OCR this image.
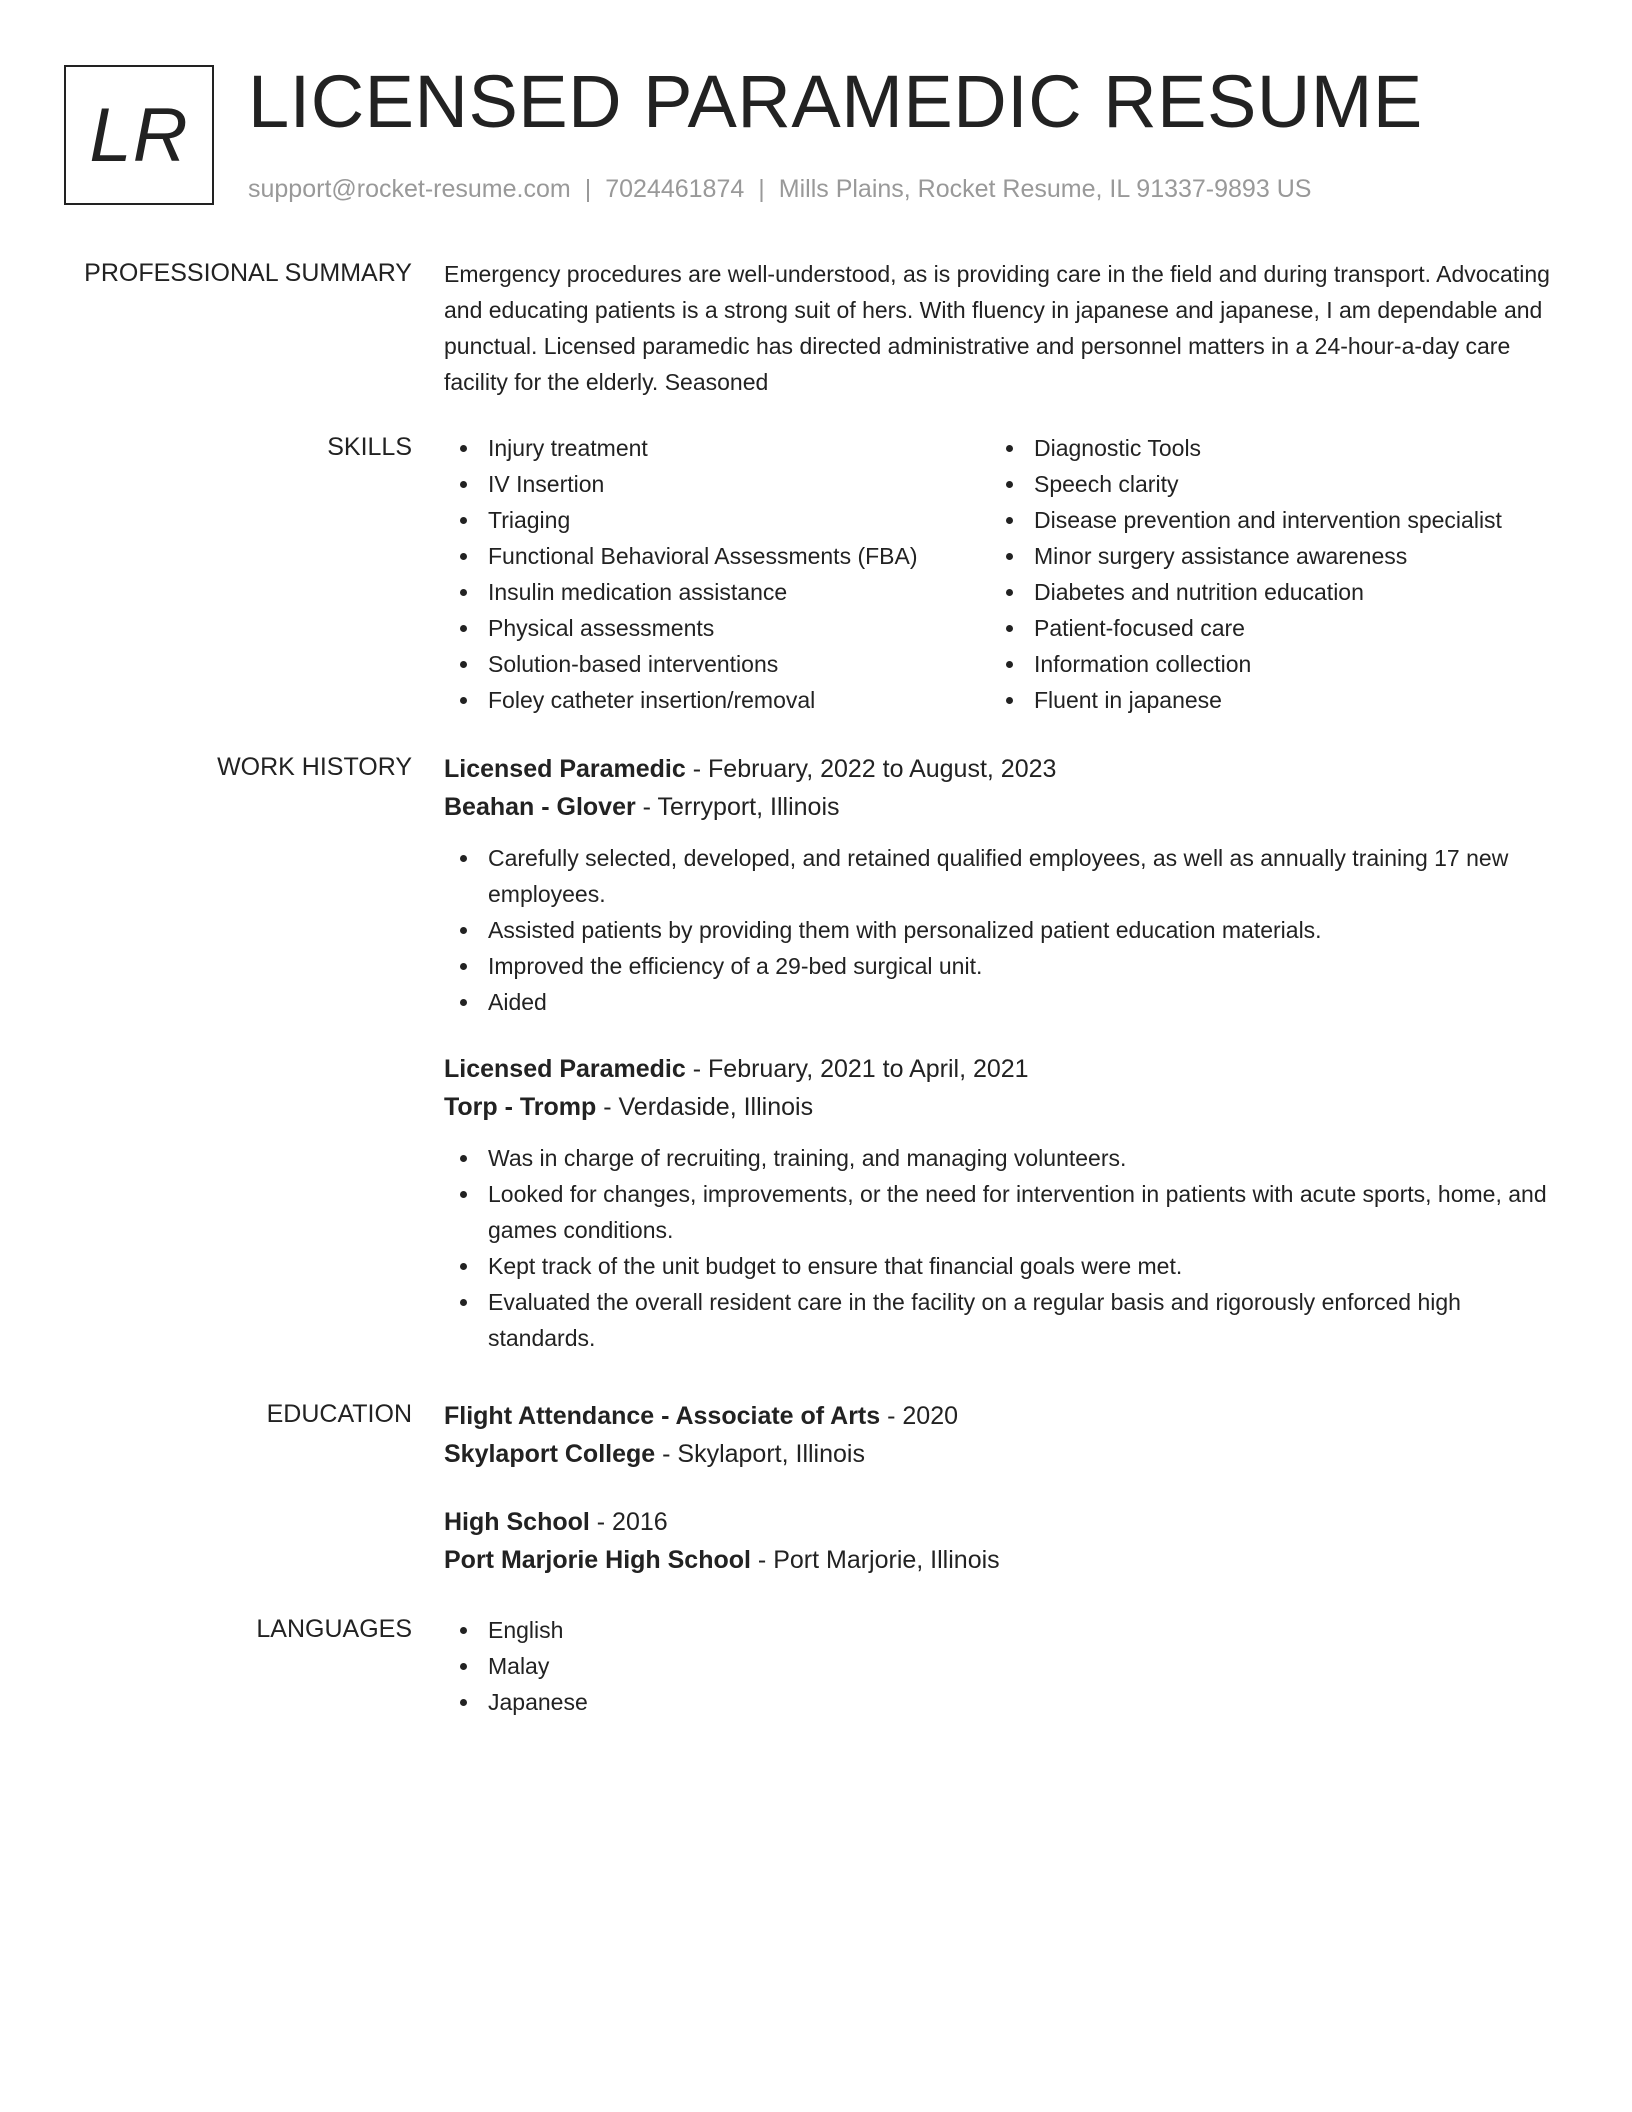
LR LICENSED PARAMEDIC RESUME
support@rocket-resume.com | 7024461874 | Mills Plains, Rocket Resume, IL 91337-9893 US
PROFESSIONAL SUMMARY Emergency procedures are well-understood, as is providing care in the field and during transport. Advocating and educating patients is a strong suit of hers. With fluency in japanese and japanese, I am dependable and punctual. Licensed paramedic has directed administrative and personnel matters in a 24-hour-a-day care facility for the elderly. Seasoned

SKILLS	Injury treatment
IV Insertion
Triaging
Functional Behavioral Assessments (FBA)
Insulin medication assistance
Physical assessments
Solution-based interventions
Foley catheter insertion/removal
Diagnostic Tools
Speech clarity
Disease prevention and intervention specialist
Minor surgery assistance awareness
Diabetes and nutrition education
Patient-focused care
Information collection
Fluent in japanese
WORK HISTORY Licensed Paramedic - February, 2022 to August, 2023
Beahan - Glover - Terryport, Illinois
Carefully selected, developed, and retained qualified employees, as well as annually training 17 new employees.
Assisted patients by providing them with personalized patient education materials.
Improved the efficiency of a 29-bed surgical unit.
Aided
Licensed Paramedic - February, 2021 to April, 2021
Torp - Tromp - Verdaside, Illinois
Was in charge of recruiting, training, and managing volunteers.
Looked for changes, improvements, or the need for intervention in patients with acute sports, home, and games conditions.
Kept track of the unit budget to ensure that financial goals were met.
Evaluated the overall resident care in the facility on a regular basis and rigorously enforced high standards.
EDUCATION Flight Attendance - Associate of Arts - 2020
Skylaport College - Skylaport, Illinois
High School - 2016
Port Marjorie High School - Port Marjorie, Illinois
LANGUAGES	English
Malay
Japanese
